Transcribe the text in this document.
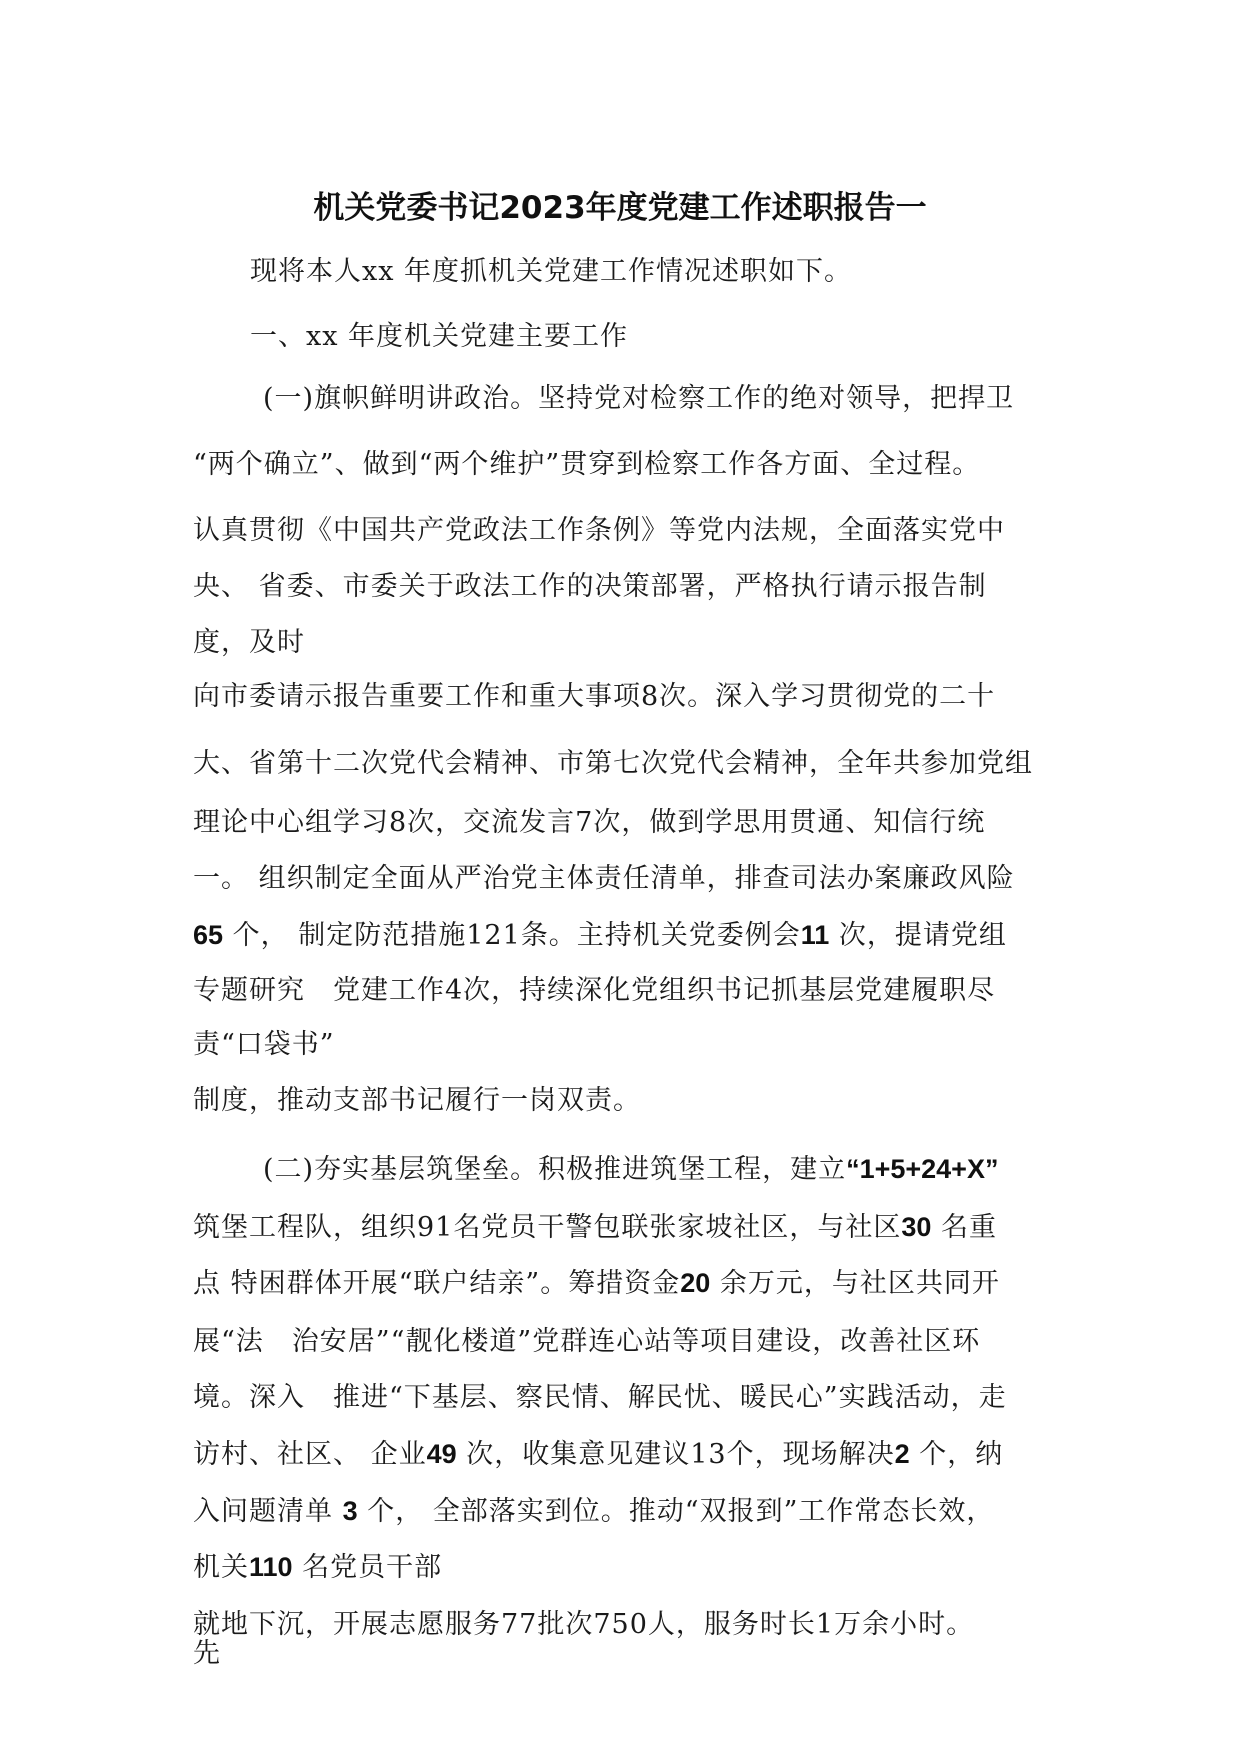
机关党委书记2023年度党建工作述职报告一
现将本人xx 年度抓机关党建工作情况述职如下。
一、xx 年度机关党建主要工作
(一)旗帜鲜明讲政治。坚持党对检察工作的绝对领导，把捍卫
“两个确立”、做到“两个维护”贯穿到检察工作各方面、全过程。
认真贯彻《中国共产党政法工作条例》等党内法规，全面落实党中
央、 省委、市委关于政法工作的决策部署，严格执行请示报告制
度，及时
向市委请示报告重要工作和重大事项8次。深入学习贯彻党的二十
大、省第十二次党代会精神、市第七次党代会精神，全年共参加党组
理论中心组学习8次，交流发言7次，做到学思用贯通、知信行统
一。 组织制定全面从严治党主体责任清单，排查司法办案廉政风险
65 个， 制定防范措施121条。主持机关党委例会11 次，提请党组
专题研究　党建工作4次，持续深化党组织书记抓基层党建履职尽
责“口袋书”
制度，推动支部书记履行一岗双责。
(二)夯实基层筑堡垒。积极推进筑堡工程，建立“1+5+24+X”
筑堡工程队，组织91名党员干警包联张家坡社区，与社区30 名重
点 特困群体开展“联户结亲”。筹措资金20 余万元，与社区共同开
展“法　治安居”“靓化楼道”党群连心站等项目建设，改善社区环
境。深入　推进“下基层、察民情、解民忧、暖民心”实践活动，走
访村、社区、 企业49 次，收集意见建议13个，现场解决2 个，纳
入问题清单 3 个， 全部落实到位。推动“双报到”工作常态长效，
机关110 名党员干部
就地下沉，开展志愿服务77批次750人，服务时长1万余小时。
先
